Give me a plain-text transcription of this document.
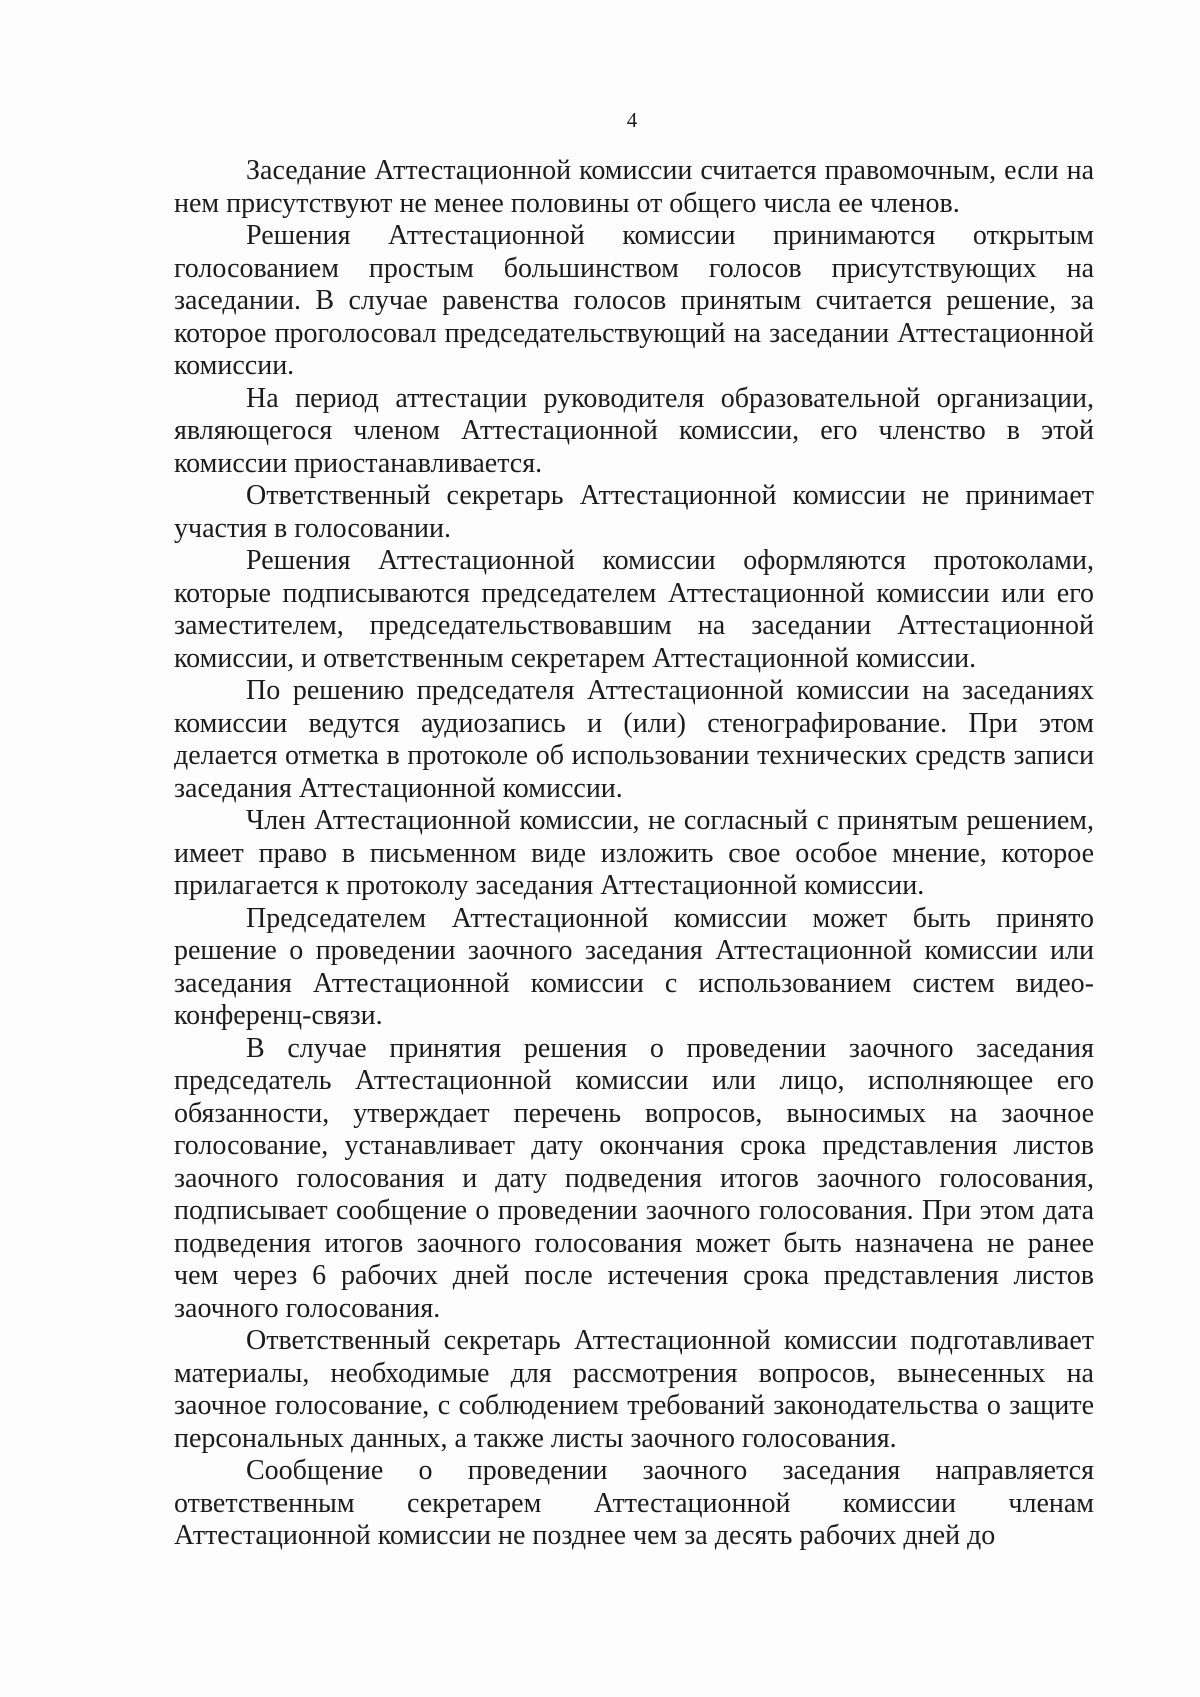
4

Заседание Аттестационной комиссии считается правомочным, если на нем присутствуют не менее половины от общего числа ее членов.

Решения Аттестационной комиссии принимаются открытым голосованием простым большинством голосов присутствующих на заседании. В случае равенства голосов принятым считается решение, за которое проголосовал председательствующий на заседании Аттестационной комиссии.

На период аттестации руководителя образовательной организации, являющегося членом Аттестационной комиссии, его членство в этой комиссии приостанавливается.

Ответственный секретарь Аттестационной комиссии не принимает участия в голосовании.

Решения Аттестационной комиссии оформляются протоколами, которые подписываются председателем Аттестационной комиссии или его заместителем, председательствовавшим на заседании Аттестационной комиссии, и ответственным секретарем Аттестационной комиссии.

По решению председателя Аттестационной комиссии на заседаниях комиссии ведутся аудиозапись и (или) стенографирование. При этом делается отметка в протоколе об использовании технических средств записи заседания Аттестационной комиссии.

Член Аттестационной комиссии, не согласный с принятым решением, имеет право в письменном виде изложить свое особое мнение, которое прилагается к протоколу заседания Аттестационной комиссии.

Председателем Аттестационной комиссии может быть принято решение о проведении заочного заседания Аттестационной комиссии или заседания Аттестационной комиссии с использованием систем видео-конференц-связи.

В случае принятия решения о проведении заочного заседания председатель Аттестационной комиссии или лицо, исполняющее его обязанности, утверждает перечень вопросов, выносимых на заочное голосование, устанавливает дату окончания срока представления листов заочного голосования и дату подведения итогов заочного голосования, подписывает сообщение о проведении заочного голосования. При этом дата подведения итогов заочного голосования может быть назначена не ранее чем через 6 рабочих дней после истечения срока представления листов заочного голосования.

Ответственный секретарь Аттестационной комиссии подготавливает материалы, необходимые для рассмотрения вопросов, вынесенных на заочное голосование, с соблюдением требований законодательства о защите персональных данных, а также листы заочного голосования.

Сообщение о проведении заочного заседания направляется ответственным секретарем Аттестационной комиссии членам Аттестационной комиссии не позднее чем за десять рабочих дней до
